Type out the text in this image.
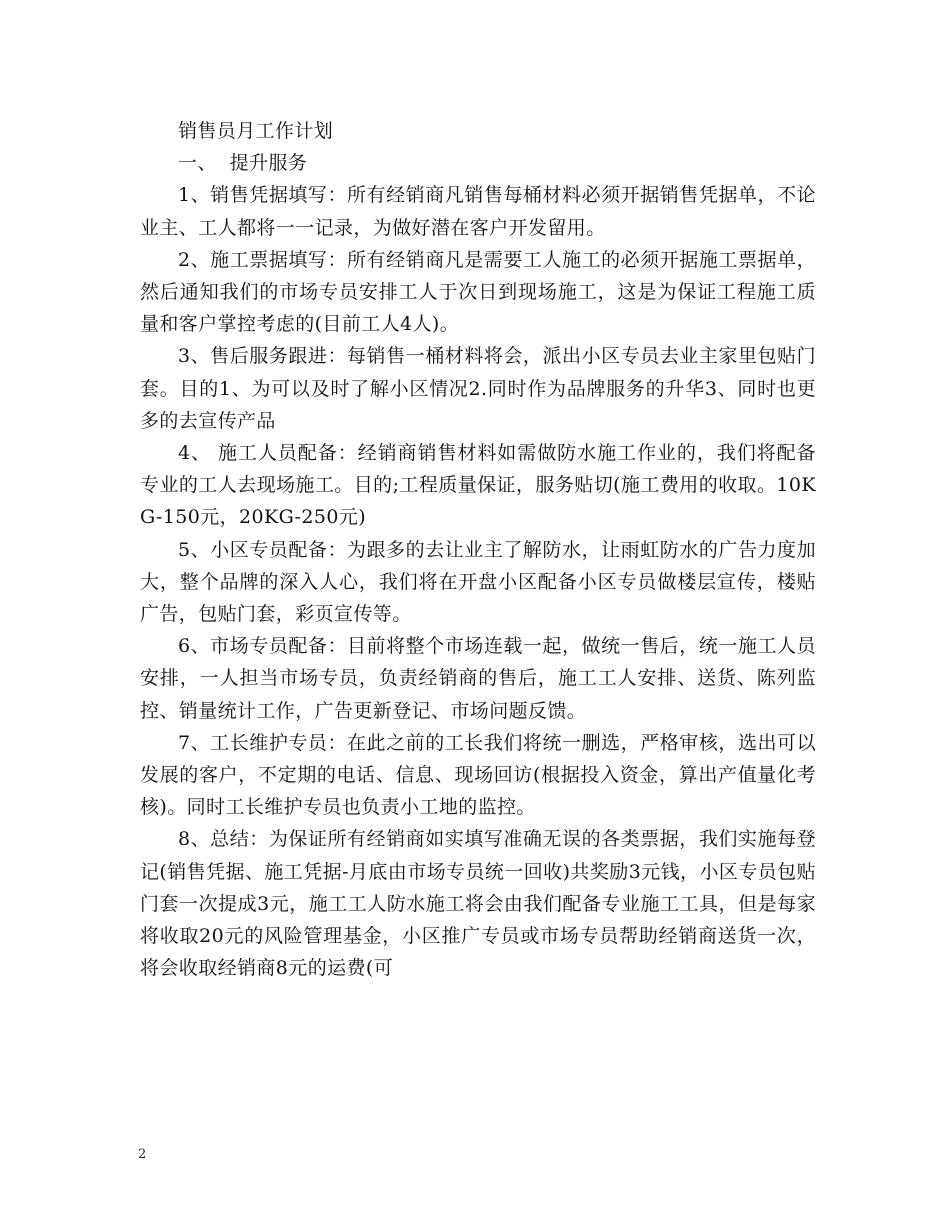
销售员月工作计划

一、  提升服务

1、销售凭据填写：所有经销商凡销售每桶材料必须开据销售凭据单，不论业主、工人都将一一记录，为做好潜在客户开发留用。

2、施工票据填写：所有经销商凡是需要工人施工的必须开据施工票据单，然后通知我们的市场专员安排工人于次日到现场施工，这是为保证工程施工质量和客户掌控考虑的(目前工人4人)。

3、售后服务跟进：每销售一桶材料将会，派出小区专员去业主家里包贴门套。目的1、为可以及时了解小区情况2.同时作为品牌服务的升华3、同时也更多的去宣传产品

4、 施工人员配备：经销商销售材料如需做防水施工作业的，我们将配备专业的工人去现场施工。目的;工程质量保证，服务贴切(施工费用的收取。10KG-150元，20KG-250元)

5、小区专员配备：为跟多的去让业主了解防水，让雨虹防水的广告力度加大，整个品牌的深入人心，我们将在开盘小区配备小区专员做楼层宣传，楼贴广告，包贴门套，彩页宣传等。

6、市场专员配备：目前将整个市场连载一起，做统一售后，统一施工人员安排，一人担当市场专员，负责经销商的售后，施工工人安排、送货、陈列监控、销量统计工作，广告更新登记、市场问题反馈。

7、工长维护专员：在此之前的工长我们将统一删选，严格审核，选出可以发展的客户，不定期的电话、信息、现场回访(根据投入资金，算出产值量化考核)。同时工长维护专员也负责小工地的监控。

8、总结：为保证所有经销商如实填写准确无误的各类票据，我们实施每登记(销售凭据、施工凭据-月底由市场专员统一回收)共奖励3元钱，小区专员包贴门套一次提成3元，施工工人防水施工将会由我们配备专业施工工具，但是每家将收取20元的风险管理基金，小区推广专员或市场专员帮助经销商送货一次，将会收取经销商8元的运费(可

2
